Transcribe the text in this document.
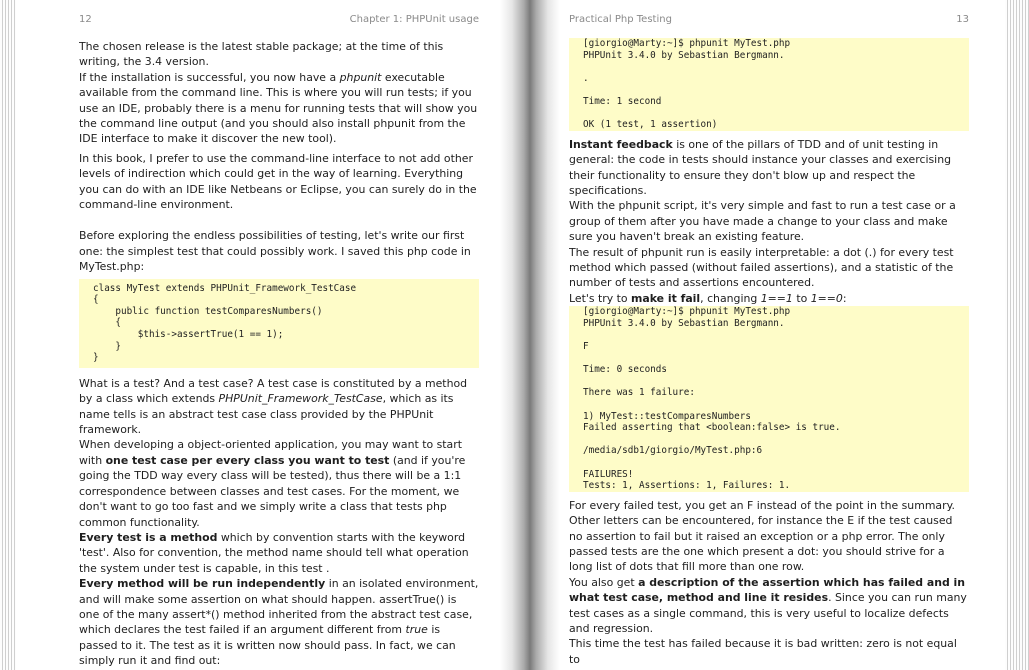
12	Chapter 1: PHPUnit usage

The chosen release is the latest stable package; at the time of this writing, the 3.4 version.

If the installation is successful, you now have a phpunit executable available from the command line. This is where you will run tests; if you use an IDE, probably there is a menu for running tests that will show you the command line output (and you should also install phpunit from the IDE interface to make it discover the new tool).

In this book, I prefer to use the command-line interface to not add other levels of indirection which could get in the way of learning. Everything you can do with an IDE like Netbeans or Eclipse, you can surely do in the command-line environment.

Before exploring the endless possibilities of testing, let's write our first one: the simplest test that could possibly work. I saved this php code in MyTest.php:

class MyTest extends PHPUnit_Framework_TestCase
{
public function testComparesNumbers()
{
$this->assertTrue(1 == 1);
}
}

What is a test? And a test case? A test case is constituted by a method by a class which extends PHPUnit_Framework_TestCase, which as its name tells is an abstract test case class provided by the PHPUnit framework.

When developing a object-oriented application, you may want to start with one test case per every class you want to test (and if you're going the TDD way every class will be tested), thus there will be a 1:1 correspondence between classes and test cases. For the moment, we don't want to go too fast and we simply write a class that tests php common functionality.

Every test is a method which by convention starts with the keyword 'test'. Also for convention, the method name should tell what operation the system under test is capable, in this test .

Every method will be run independently in an isolated environment, and will make some assertion on what should happen. assertTrue() is one of the many assert*() method inherited from the abstract test case, which declares the test failed if an argument different from true is passed to it. The test as it is written now should pass. In fact, we can simply run it and find out:

Practical Php Testing	13
[giorgio@Marty:~]$ phpunit MyTest.php
PHPUnit 3.4.0 by Sebastian Bergmann.

.

Time: 1 second

OK (1 test, 1 assertion)

Instant feedback is one of the pillars of TDD and of unit testing in general: the code in tests should instance your classes and exercising their functionality to ensure they don't blow up and respect the specifications.

With the phpunit script, it's very simple and fast to run a test case or a group of them after you have made a change to your class and make sure you haven't break an existing feature.

The result of phpunit run is easily interpretable: a dot (.) for every test method which passed (without failed assertions), and a statistic of the number of tests and assertions encountered.

Let's try to make it fail, changing 1==1 to 1==0:

[giorgio@Marty:~]$ phpunit MyTest.php
PHPUnit 3.4.0 by Sebastian Bergmann.

F

Time: 0 seconds

There was 1 failure:

1) MyTest::testComparesNumbers
Failed asserting that <boolean:false> is true.

/media/sdb1/giorgio/MyTest.php:6

FAILURES!
Tests: 1, Assertions: 1, Failures: 1.

For every failed test, you get an F instead of the point in the summary. Other letters can be encountered, for instance the E if the test caused no assertion to fail but it raised an exception or a php error. The only passed tests are the one which present a dot: you should strive for a long list of dots that fill more than one row.

You also get a description of the assertion which has failed and in what test case, method and line it resides. Since you can run many test cases as a single command, this is very useful to localize defects and regression.

This time the test has failed because it is bad written: zero is not equal to
